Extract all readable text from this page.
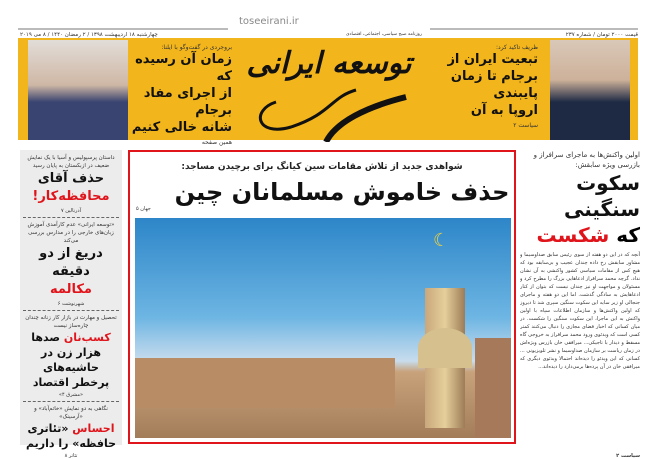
چهارشنبه ۱۸ اردیبهشت ۱۳۹۸ / ۲ رمضان ۱۴۴۰ / ۸ می ۲۰۱۹	قیمت ۲۰۰۰ تومان / شماره ۲۳۷
ظریف تاکید کرد:
تبعیت ایران از
برجام تا زمان پایبندی
اروپا به آن
سیاست ۲
بروجردی در گفت‌وگو با ایلنا:
زمان آن رسیده که
از اجرای مفاد برجام
شانه خالی کنیم
همین صفحه
toseeirani.ir
روزنامه صبح سیاسی، اجتماعی، اقتصادی
توسعه ایرانی
داستان پرسپولیس و آسیا با یک نمایش ضعیف در ازبکستان به پایان رسید
حذف آقای
محافظه‌کار!
آدرنالین ۷
«توسعه ایرانی» عدم کارآمدی آموزش زبان‌های خارجی را در مدارس بررسی می‌کند
دریغ از دو دقیقه
مکالمه
شهرنوشت ۶
تحصیل و مهارت در بازار کار زنانه چندان چاره‌ساز نیست
کسب‌نان صدها هزار زن در حاشیه‌های پرخطر اقتصاد
«مشرق ۴»
نگاهی به دو نمایش «خاتم‌آباد» و «آرسینک»
احساس «تئاتری حافظه» را داریم
تئاتر ۸
شواهدی جدید از تلاش مقامات سین کیانگ برای برچیدن مساجد:
حذف خاموش مسلمانان چین
جهان ۵
☾
اولین واکنش‌ها به ماجرای سرافراز و بازرسی ویژه سابقش:
سکوت سنگینی
که شکست
آنچه که در این دو هفته از سوی رئیس سابق صداوسیما و مشاور سابقش رخ داده چندان عجیب و بی‌سابقه بود که هیچ کس از مقامات سیاسی کشور واکنشی به آن نشان نداد. گرچه محمد سرافراز ادعاهایی بزرگ را مطرح کرد و مسئولان و مواجهت او نیز چندان نیست که بتوان از کنار ادعاهایش به سادگی گذشت. اما این دو هفته و ماجرای جنجالی او زیر سایه این سکوت سنگین سپری شد تا دیروز که اولین واکنش‌ها و سازمان اطلاعات سپاه با اولین واکنش به این ماجرا، این سکوت سنگین را شکست. در میان کسانی که اخبار فضای مجازی را دنبال می‌کنند کمتر کسی است که ویدئوی ورود محمد سرافراز به خروجی گاه مسقط و دیدار با تاجیکی... میرافقی خان بازرس ویژه‌اش در زمان ریاست بر سازمان صداوسیما و نشر تلویزیونی ... کسانی که این ویدئو را دیده‌اند احتمالا ویدئوی دیگری که میرافقی خان در آن پرده‌ها برمی‌دارد را دیده‌اند...
سیاست ۲
